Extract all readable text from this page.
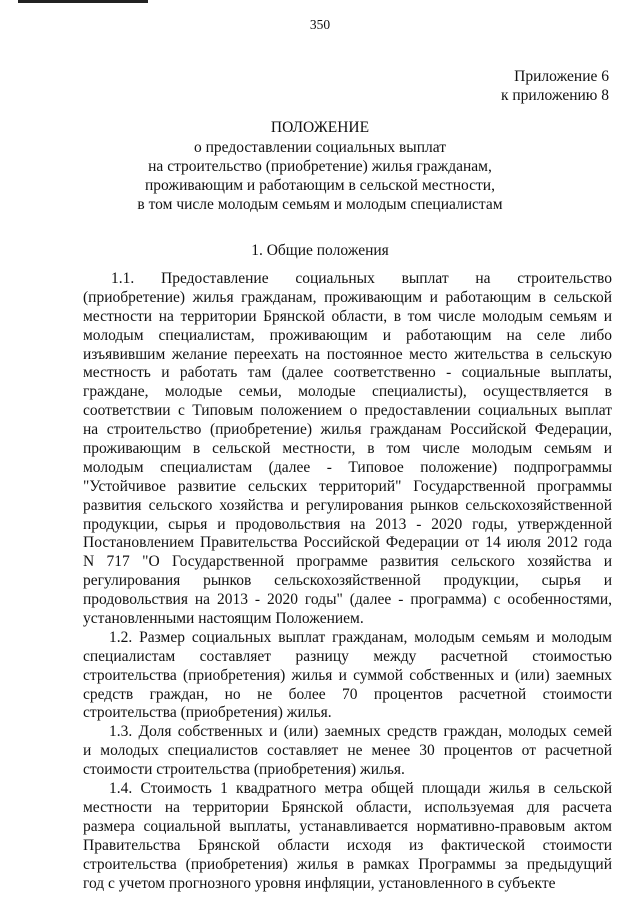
350
Приложение 6
к приложению 8
ПОЛОЖЕНИЕ
о предоставлении социальных выплат
на строительство (приобретение) жилья гражданам,
проживающим и работающим в сельской местности,
в том числе молодым семьям и молодым специалистам
1. Общие положения
1.1. Предоставление социальных выплат на строительство
(приобретение) жилья гражданам, проживающим и работающим в сельской
местности на территории Брянской области, в том числе молодым семьям и
молодым специалистам, проживающим и работающим на селе либо
изъявившим желание переехать на постоянное место жительства в сельскую
местность и работать там (далее соответственно - социальные выплаты,
граждане, молодые семьи, молодые специалисты), осуществляется в
соответствии с Типовым положением о предоставлении социальных выплат
на строительство (приобретение) жилья гражданам Российской Федерации,
проживающим в сельской местности, в том числе молодым семьям и
молодым специалистам (далее - Типовое положение) подпрограммы
"Устойчивое развитие сельских территорий" Государственной программы
развития сельского хозяйства и регулирования рынков сельскохозяйственной
продукции, сырья и продовольствия на 2013 - 2020 годы, утвержденной
Постановлением Правительства Российской Федерации от 14 июля 2012 года
N 717 "О Государственной программе развития сельского хозяйства и
регулирования рынков сельскохозяйственной продукции, сырья и
продовольствия на 2013 - 2020 годы" (далее - программа) с особенностями,
установленными настоящим Положением.
1.2. Размер социальных выплат гражданам, молодым семьям и молодым
специалистам составляет разницу между расчетной стоимостью
строительства (приобретения) жилья и суммой собственных и (или) заемных
средств граждан, но не более 70 процентов расчетной стоимости
строительства (приобретения) жилья.
1.3. Доля собственных и (или) заемных средств граждан, молодых семей
и молодых специалистов составляет не менее 30 процентов от расчетной
стоимости строительства (приобретения) жилья.
1.4. Стоимость 1 квадратного метра общей площади жилья в сельской
местности на территории Брянской области, используемая для расчета
размера социальной выплаты, устанавливается нормативно-правовым актом
Правительства Брянской области исходя из фактической стоимости
строительства (приобретения) жилья в рамках Программы за предыдущий
год с учетом прогнозного уровня инфляции, установленного в субъекте
